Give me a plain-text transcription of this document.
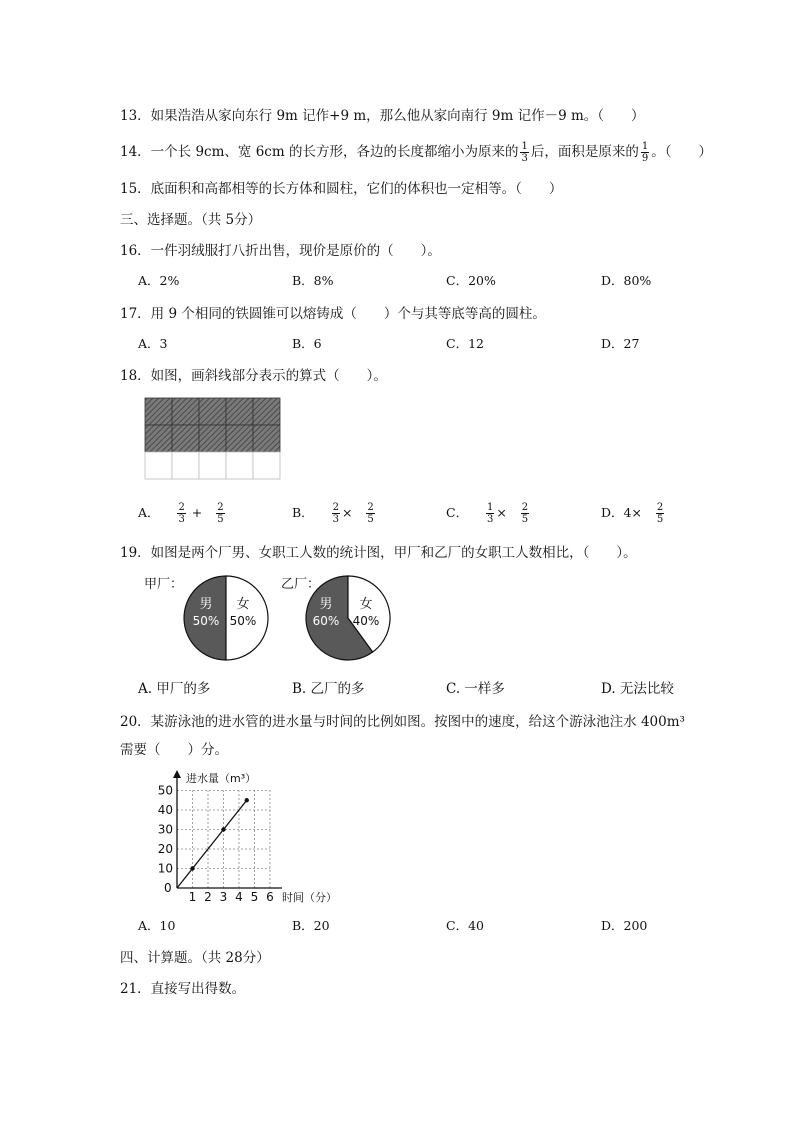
13．如果浩浩从家向东行 9m 记作+9 m，那么他从家向南行 9m 记作－9 m。（　　）
14．一个长 9cm、宽 6cm 的长方形，各边的长度都缩小为原来的 $\frac{1}{3}$ 后，面积是原来的 $\frac{1}{9}$ 。（　　）
15．底面积和高都相等的长方体和圆柱，它们的体积也一定相等。（　　）
三、选择题。（共 5分）
16．一件羽绒服打八折出售，现价是原价的（　　）。
A．2%	B．8%	C．20%	D．80%
17．用 9 个相同的铁圆锥可以熔铸成（　　）个与其等底等高的圆柱。
A．3	B．6	C．12	D．27
18．如图，画斜线部分表示的算式（　　）。
A． $\frac{2}{3} + \frac{2}{5}$	B． $\frac{2}{3} \times \frac{2}{5}$	C． $\frac{1}{3} \times \frac{2}{5}$	D．$4\times \frac{2}{5}$
19．如图是两个厂男、女职工人数的统计图，甲厂和乙厂的女职工人数相比，（　　）。
甲厂：
男
50%
女
50%
乙厂：
男
60%
女
40%
A. 甲厂的多	B. 乙厂的多	C. 一样多	D. 无法比较
20．某游泳池的进水管的进水量与时间的比例如图。按图中的速度，给这个游泳池注水 400m³
需要（　　）分。
进水量（m³）
时间（分）
0
1 2 3 4 5 6
10
20
30
40
50
A．10	B．20	C．40	D．200
四、计算题。（共 28分）
21．直接写出得数。
